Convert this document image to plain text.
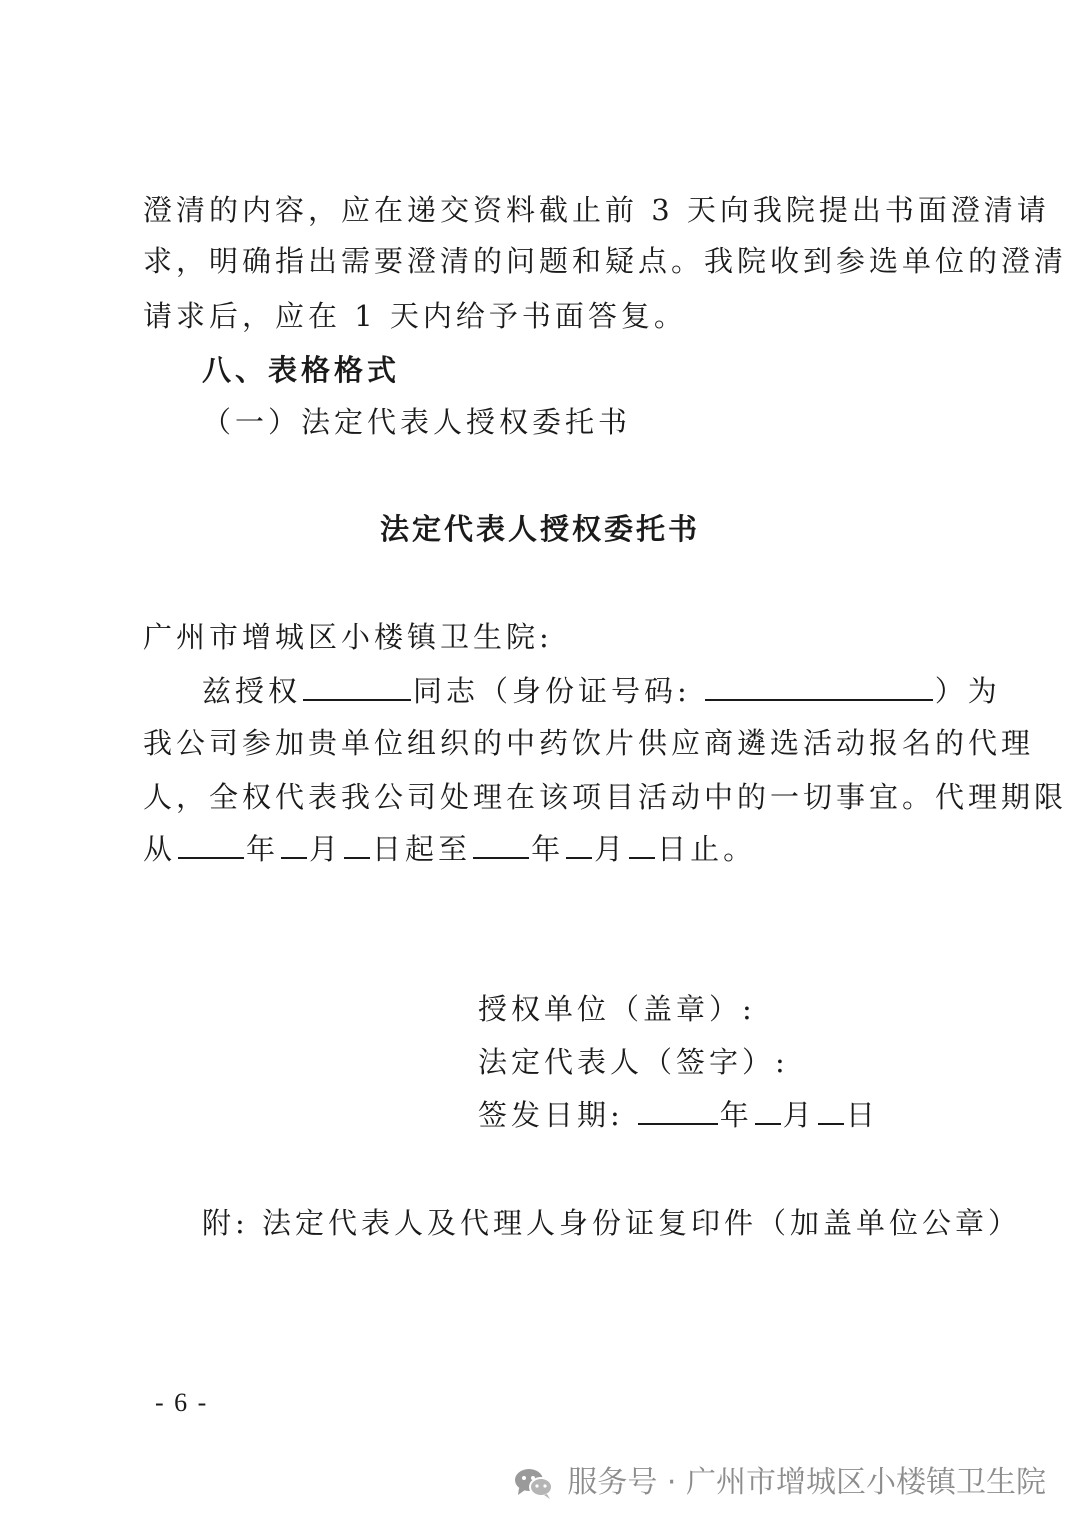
澄清的内容，应在递交资料截止前 3 天向我院提出书面澄清请
求，明确指出需要澄清的问题和疑点。我院收到参选单位的澄清
请求后，应在 1 天内给予书面答复。
八、表格格式
（一）法定代表人授权委托书
法定代表人授权委托书
广州市增城区小楼镇卫生院:
兹授权	同志（身份证号码:	）为
我公司参加贵单位组织的中药饮片供应商遴选活动报名的代理
人，全权代表我公司处理在该项目活动中的一切事宜。代理期限
从 年 月 日起至 年 月 日止。
授权单位（盖章）:
法定代表人（签字）:
签发日期:	年 月 日
附: 法定代表人及代理人身份证复印件（加盖单位公章）
- 6 -
服务号 · 广州市增城区小楼镇卫生院
